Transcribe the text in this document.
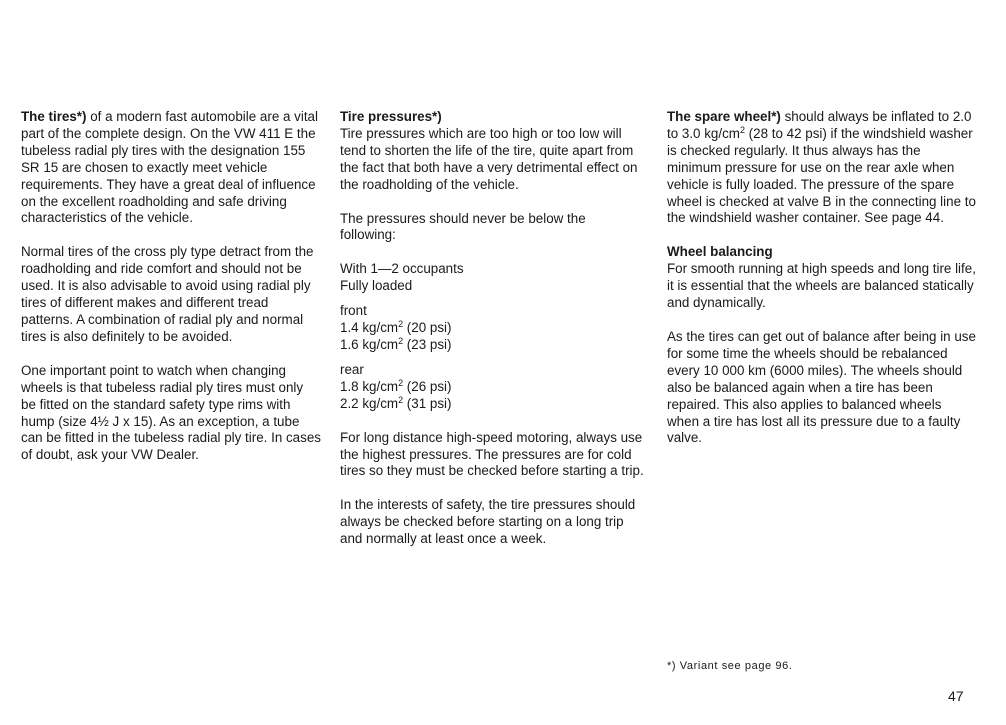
The tires*) of a modern fast automobile are a vital part of the complete design. On the VW 411 E the tubeless radial ply tires with the designation 155 SR 15 are chosen to exactly meet vehicle requirements. They have a great deal of influence on the excellent roadholding and safe driving characteristics of the vehicle.

Normal tires of the cross ply type detract from the roadholding and ride comfort and should not be used. It is also advisable to avoid using radial ply tires of different makes and different tread patterns. A combination of radial ply and normal tires is also definitely to be avoided.

One important point to watch when changing wheels is that tubeless radial ply tires must only be fitted on the standard safety type rims with hump (size 4½ J x 15). As an exception, a tube can be fitted in the tubeless radial ply tire. In cases of doubt, ask your VW Dealer.

Tire pressures*)

Tire pressures which are too high or too low will tend to shorten the life of the tire, quite apart from the fact that both have a very detrimental effect on the roadholding of the vehicle.

The pressures should never be below the following:

With 1—2 occupants
Fully loaded

front
1.4 $kg/cm^2$ (20 psi)
1.6 $kg/cm^2$ (23 psi)

rear
1.8 $kg/cm^2$ (26 psi)
2.2 $kg/cm^2$ (31 psi)

For long distance high-speed motoring, always use the highest pressures. The pressures are for cold tires so they must be checked before starting a trip.

In the interests of safety, the tire pressures should always be checked before starting on a long trip and normally at least once a week.

The spare wheel*) should always be inflated to 2.0 to 3.0 $kg/cm^2$ (28 to 42 psi) if the windshield washer is checked regularly. It thus always has the minimum pressure for use on the rear axle when vehicle is fully loaded. The pressure of the spare wheel is checked at valve B in the connecting line to the windshield washer container. See page 44.

Wheel balancing

For smooth running at high speeds and long tire life, it is essential that the wheels are balanced statically and dynamically.

As the tires can get out of balance after being in use for some time the wheels should be rebalanced every 10 000 km (6000 miles). The wheels should also be balanced again when a tire has been repaired. This also applies to balanced wheels when a tire has lost all its pressure due to a faulty valve.

*) Variant see page 96.
47
